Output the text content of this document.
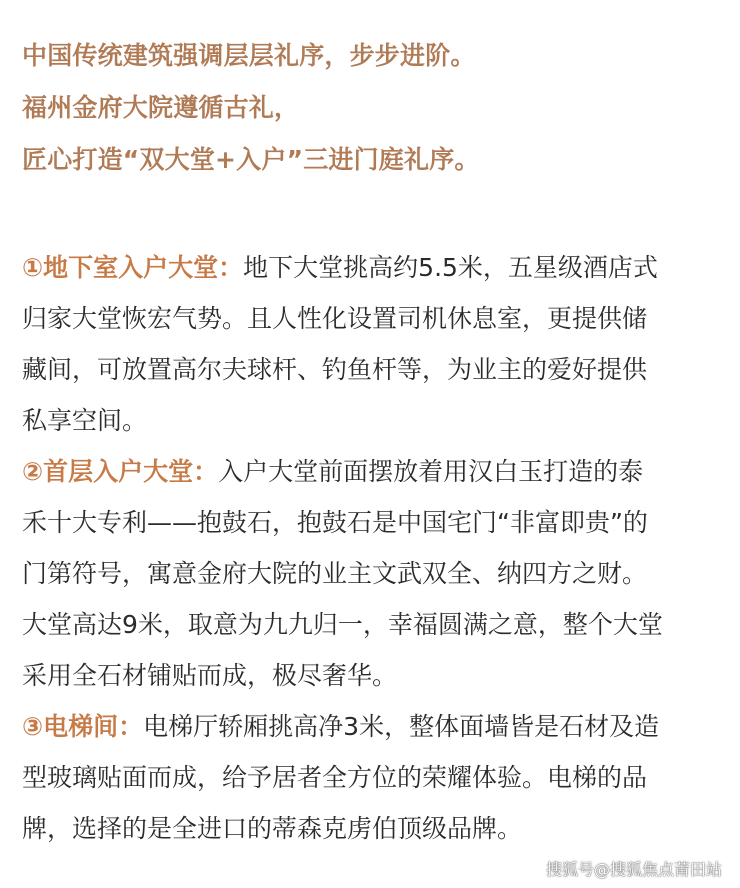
中国传统建筑强调层层礼序，步步进阶。
福州金府大院遵循古礼，
匠心打造“双大堂+入户”三进门庭礼序。
①地下室入户大堂：地下大堂挑高约5.5米，五星级酒店式
归家大堂恢宏气势。且人性化设置司机休息室，更提供储
藏间，可放置高尔夫球杆、钓鱼杆等，为业主的爱好提供
私享空间。
②首层入户大堂：入户大堂前面摆放着用汉白玉打造的泰
禾十大专利——抱鼓石，抱鼓石是中国宅门“非富即贵”的
门第符号，寓意金府大院的业主文武双全、纳四方之财。
大堂高达9米，取意为九九归一，幸福圆满之意，整个大堂
采用全石材铺贴而成，极尽奢华。
③电梯间：电梯厅轿厢挑高净3米，整体面墙皆是石材及造
型玻璃贴面而成，给予居者全方位的荣耀体验。电梯的品
牌，选择的是全进口的蒂森克虏伯顶级品牌。
搜狐号@搜狐焦点莆田站
